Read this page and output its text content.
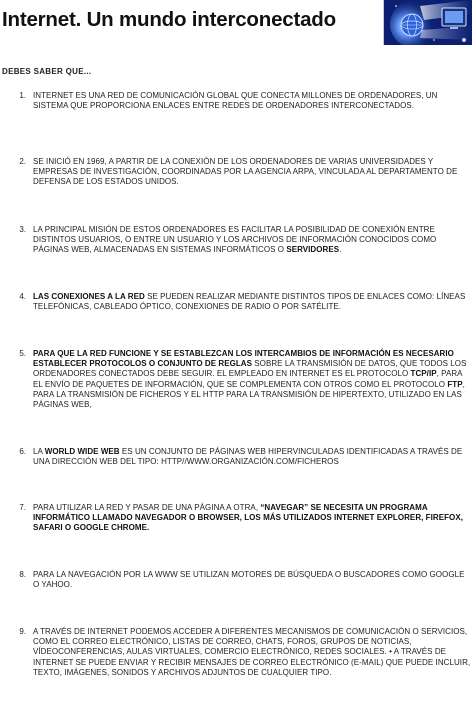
Internet. Un mundo interconectado
DEBES SABER QUE...
1. INTERNET ES UNA RED DE COMUNICACIÓN GLOBAL QUE CONECTA MILLONES DE ORDENADORES, UN SISTEMA QUE PROPORCIONA ENLACES ENTRE REDES DE ORDENADORES INTERCONECTADOS.
2. SE INICIÓ EN 1969, A PARTIR DE LA CONEXIÓN DE LOS ORDENADORES DE VARIAS UNIVERSIDADES Y EMPRESAS DE INVESTIGACIÓN, COORDINADAS POR LA AGENCIA ARPA, VINCULADA AL DEPARTAMENTO DE DEFENSA DE LOS ESTADOS UNIDOS.
3. LA PRINCIPAL MISIÓN DE ESTOS ORDENADORES ES FACILITAR LA POSIBILIDAD DE CONEXIÓN ENTRE DISTINTOS USUARIOS, O ENTRE UN USUARIO Y LOS ARCHIVOS DE INFORMACIÓN CONOCIDOS COMO PÁGINAS WEB, ALMACENADAS EN SISTEMAS INFORMÁTICOS O SERVIDORES.
4. LAS CONEXIONES A LA RED SE PUEDEN REALIZAR MEDIANTE DISTINTOS TIPOS DE ENLACES COMO: LÍNEAS TELEFÓNICAS, CABLEADO ÓPTICO, CONEXIONES DE RADIO O POR SATÉLITE.
5. PARA QUE LA RED FUNCIONE Y SE ESTABLEZCAN LOS INTERCAMBIOS DE INFORMACIÓN ES NECESARIO ESTABLECER PROTOCOLOS O CONJUNTO DE REGLAS SOBRE LA TRANSMISIÓN DE DATOS, QUE TODOS LOS ORDENADORES CONECTADOS DEBE SEGUIR. EL EMPLEADO EN INTERNET ES EL PROTOCOLO TCP/IP, PARA EL ENVÍO DE PAQUETES DE INFORMACIÓN, QUE SE COMPLEMENTA CON OTROS COMO EL PROTOCOLO FTP, PARA LA TRANSMISIÓN DE FICHEROS Y EL HTTP PARA LA TRANSMISIÓN DE HIPERTEXTO, UTILIZADO EN LAS PÁGINAS WEB,
6. LA WORLD WIDE WEB ES UN CONJUNTO DE PÁGINAS WEB HIPERVINCULADAS IDENTIFICADAS A TRAVÉS DE UNA DIRECCIÓN WEB DEL TIPO: HTTP//WWW.ORGANIZACIÓN.COM/FICHEROS
7. PARA UTILIZAR LA RED Y PASAR DE UNA PÁGINA A OTRA, “NAVEGAR” SE NECESITA UN PROGRAMA INFORMÁTICO LLAMADO NAVEGADOR O BROWSER, LOS MÁS UTILIZADOS INTERNET EXPLORER, FIREFOX, SAFARI O GOOGLE CHROME.
8. PARA LA NAVEGACIÓN POR LA WWW SE UTILIZAN MOTORES DE BÚSQUEDA O BUSCADORES COMO GOOGLE O YAHOO.
9. A TRAVÉS DE INTERNET PODEMOS ACCEDER A DIFERENTES MECANISMOS DE COMUNICACIÓN O SERVICIOS, COMO EL CORREO ELECTRÓNICO, LISTAS DE CORREO, CHATS, FOROS, GRUPOS DE NOTICIAS, VÍDEOCONFERENCIAS, AULAS VIRTUALES, COMERCIO ELECTRÓNICO, REDES SOCIALES. • A TRAVÉS DE INTERNET SE PUEDE ENVIAR Y RECIBIR MENSAJES DE CORREO ELECTRÓNICO (E-MAIL) QUE PUEDE INCLUIR, TEXTO, IMÁGENES, SONIDOS Y ARCHIVOS ADJUNTOS DE CUALQUIER TIPO.
